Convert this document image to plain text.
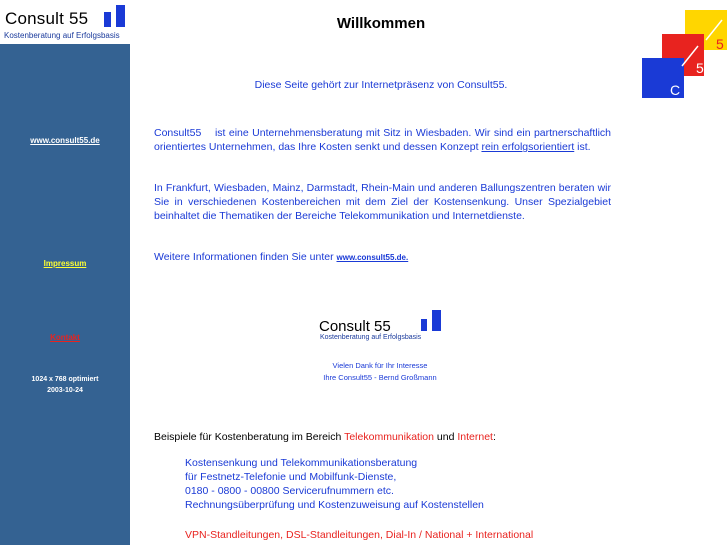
Consult 55
Kostenberatung auf Erfolgsbasis
Willkommen
5
5
C
www.consult55.de
Impressum
Kontakt
1024 x 768 optimiert
2003-10-24
Diese Seite gehört zur Internetpräsenz von Consult55.
Consult55    ist eine Unternehmensberatung mit Sitz in Wiesbaden. Wir sind ein partnerschaftlich orientiertes Unternehmen, das Ihre Kosten senkt und dessen Konzept rein erfolgsorientiert ist.
In Frankfurt, Wiesbaden, Mainz, Darmstadt, Rhein-Main und anderen Ballungszentren beraten wir Sie in verschiedenen Kostenbereichen mit dem Ziel der Kostensenkung. Unser Spezialgebiet beinhaltet die Thematiken der Bereiche Telekommunikation und Internetdienste.
Weitere Informationen finden Sie unter www.consult55.de.
Consult 55
Kostenberatung auf Erfolgsbasis
Vielen Dank für Ihr Interesse
Ihre Consult55 - Bernd Großmann
Beispiele für Kostenberatung im Bereich Telekommunikation und Internet:
Kostensenkung und Telekommunikationsberatung
für Festnetz-Telefonie und Mobilfunk-Dienste,
0180 - 0800 - 00800 Servicerufnummern etc.
Rechnungsüberprüfung und Kostenzuweisung auf Kostenstellen
VPN-Standleitungen, DSL-Standleitungen, Dial-In / National + International
